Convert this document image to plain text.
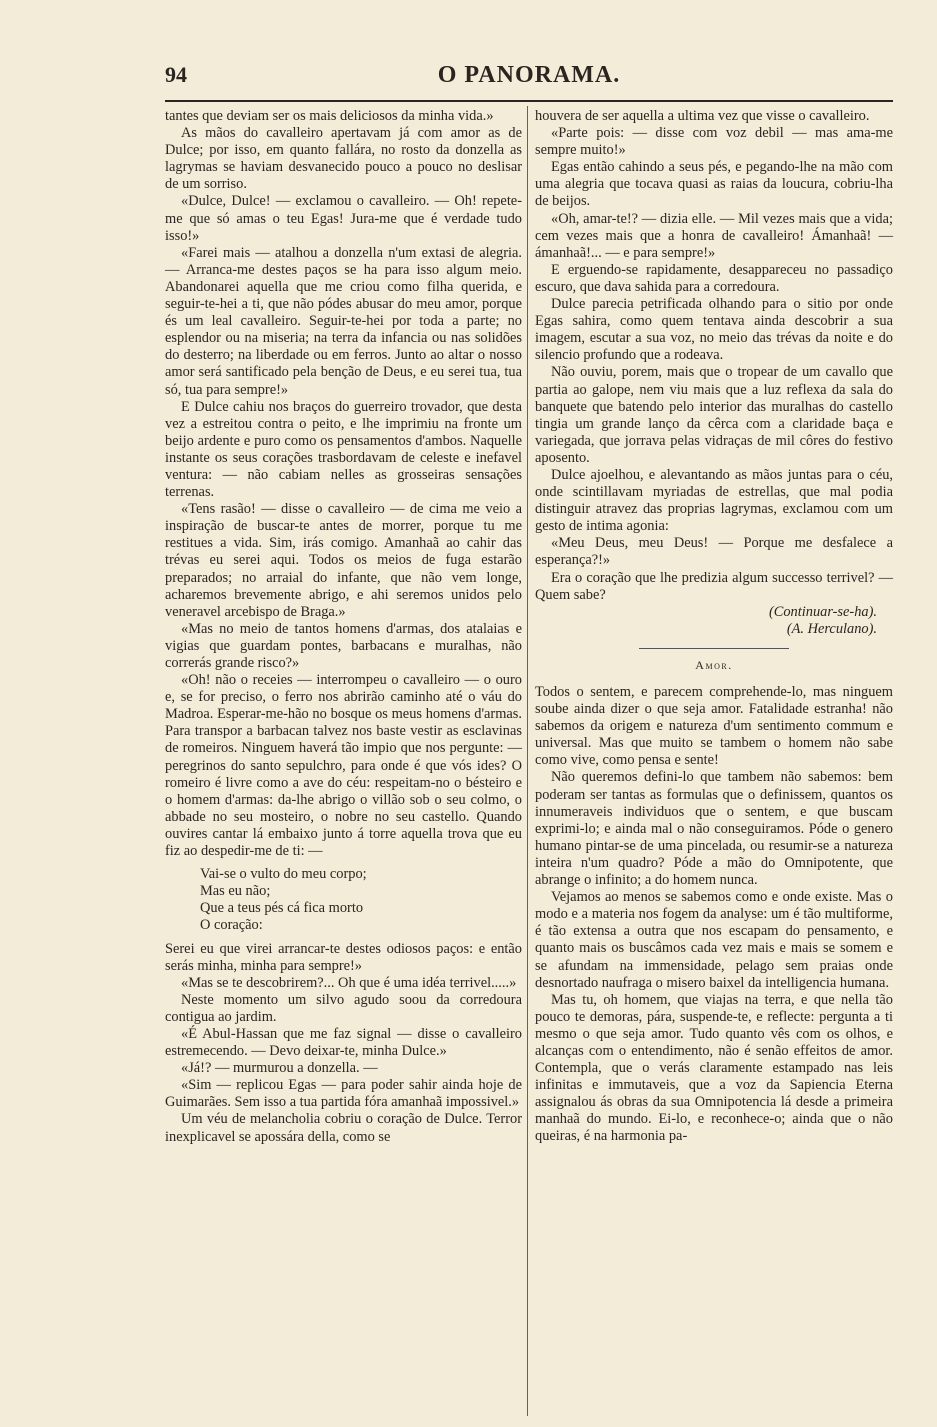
94	O PANORAMA.

tantes que deviam ser os mais deliciosos da minha vida.»

As mãos do cavalleiro apertavam já com amor as de Dulce; por isso, em quanto fallára, no rosto da donzella as lagrymas se haviam desvanecido pouco a pouco no deslisar de um sorriso.

«Dulce, Dulce! — exclamou o cavalleiro. — Oh! repete-me que só amas o teu Egas! Jura-me que é verdade tudo isso!»

«Farei mais — atalhou a donzella n'um extasi de alegria. — Arranca-me destes paços se ha para isso algum meio. Abandonarei aquella que me criou como filha querida, e seguir-te-hei a ti, que não pódes abusar do meu amor, porque és um leal cavalleiro. Seguir-te-hei por toda a parte; no esplendor ou na miseria; na terra da infancia ou nas solidões do desterro; na liberdade ou em ferros. Junto ao altar o nosso amor será santificado pela benção de Deus, e eu serei tua, tua só, tua para sempre!»

E Dulce cahiu nos braços do guerreiro trovador, que desta vez a estreitou contra o peito, e lhe imprimiu na fronte um beijo ardente e puro como os pensamentos d'ambos. Naquelle instante os seus corações trasbordavam de celeste e inefavel ventura: — não cabiam nelles as grosseiras sensações terrenas.

«Tens rasão! — disse o cavalleiro — de cima me veio a inspiração de buscar-te antes de morrer, porque tu me restitues a vida. Sim, irás comigo. Amanhaã ao cahir das trévas eu serei aqui. Todos os meios de fuga estarão preparados; no arraial do infante, que não vem longe, acharemos brevemente abrigo, e ahi seremos unidos pelo veneravel arcebispo de Braga.»

«Mas no meio de tantos homens d'armas, dos atalaias e vigias que guardam pontes, barbacans e muralhas, não correrás grande risco?»

«Oh! não o receies — interrompeu o cavalleiro — o ouro e, se for preciso, o ferro nos abrirão caminho até o váu do Madroa. Esperar-me-hão no bosque os meus homens d'armas. Para transpor a barbacan talvez nos baste vestir as esclavinas de romeiros. Ninguem haverá tão impio que nos pergunte: — peregrinos do santo sepulchro, para onde é que vós ides? O romeiro é livre como a ave do céu: respeitam-no o bésteiro e o homem d'armas: da-lhe abrigo o villão sob o seu colmo, o abbade no seu mosteiro, o nobre no seu castello. Quando ouvires cantar lá embaixo junto á torre aquella trova que eu fiz ao despedir-me de ti: —

Vai-se o vulto do meu corpo;
Mas eu não;
Que a teus pés cá fica morto
O coração:

Serei eu que virei arrancar-te destes odiosos paços: e então serás minha, minha para sempre!»

«Mas se te descobrirem?... Oh que é uma idéa terrivel.....»

Neste momento um silvo agudo soou da corredoura contigua ao jardim.

«É Abul-Hassan que me faz signal — disse o cavalleiro estremecendo. — Devo deixar-te, minha Dulce.»

«Já!? — murmurou a donzella. —

«Sim — replicou Egas — para poder sahir ainda hoje de Guimarães. Sem isso a tua partida fóra amanhaã impossivel.»

Um véu de melancholia cobriu o coração de Dulce. Terror inexplicavel se apossára della, como se

houvera de ser aquella a ultima vez que visse o cavalleiro.

«Parte pois: — disse com voz debil — mas ama-me sempre muito!»

Egas então cahindo a seus pés, e pegando-lhe na mão com uma alegria que tocava quasi as raias da loucura, cobriu-lha de beijos.

«Oh, amar-te!? — dizia elle. — Mil vezes mais que a vida; cem vezes mais que a honra de cavalleiro! Ámanhaã! — ámanhaã!... — e para sempre!»

E erguendo-se rapidamente, desappareceu no passadiço escuro, que dava sahida para a corredoura.

Dulce parecia petrificada olhando para o sitio por onde Egas sahira, como quem tentava ainda descobrir a sua imagem, escutar a sua voz, no meio das trévas da noite e do silencio profundo que a rodeava.

Não ouviu, porem, mais que o tropear de um cavallo que partia ao galope, nem viu mais que a luz reflexa da sala do banquete que batendo pelo interior das muralhas do castello tingia um grande lanço da cêrca com a claridade baça e variegada, que jorrava pelas vidraças de mil côres do festivo aposento.

Dulce ajoelhou, e alevantando as mãos juntas para o céu, onde scintillavam myriadas de estrellas, que mal podia distinguir atravez das proprias lagrymas, exclamou com um gesto de intima agonia:

«Meu Deus, meu Deus! — Porque me desfalece a esperança?!»

Era o coração que lhe predizia algum successo terrivel? — Quem sabe?

(Continuar-se-ha).

(A. Herculano).

Amor.

Todos o sentem, e parecem comprehende-lo, mas ninguem soube ainda dizer o que seja amor. Fatalidade estranha! não sabemos da origem e natureza d'um sentimento commum e universal. Mas que muito se tambem o homem não sabe como vive, como pensa e sente!

Não queremos defini-lo que tambem não sabemos: bem poderam ser tantas as formulas que o definissem, quantos os innumeraveis individuos que o sentem, e que buscam exprimi-lo; e ainda mal o não conseguiramos. Póde o genero humano pintar-se de uma pincelada, ou resumir-se a natureza inteira n'um quadro? Póde a mão do Omnipotente, que abrange o infinito; a do homem nunca.

Vejamos ao menos se sabemos como e onde existe. Mas o modo e a materia nos fogem da analyse: um é tão multiforme, é tão extensa a outra que nos escapam do pensamento, e quanto mais os buscâmos cada vez mais e mais se somem e se afundam na immensidade, pelago sem praias onde desnortado naufraga o misero baixel da intelligencia humana.

Mas tu, oh homem, que viajas na terra, e que nella tão pouco te demoras, pára, suspende-te, e reflecte: pergunta a ti mesmo o que seja amor. Tudo quanto vês com os olhos, e alcanças com o entendimento, não é senão effeitos de amor. Contempla, que o verás claramente estampado nas leis infinitas e immutaveis, que a voz da Sapiencia Eterna assignalou ás obras da sua Omnipotencia lá desde a primeira manhaã do mundo. Ei-lo, e reconhece-o; ainda que o não queiras, é na harmonia pa-
